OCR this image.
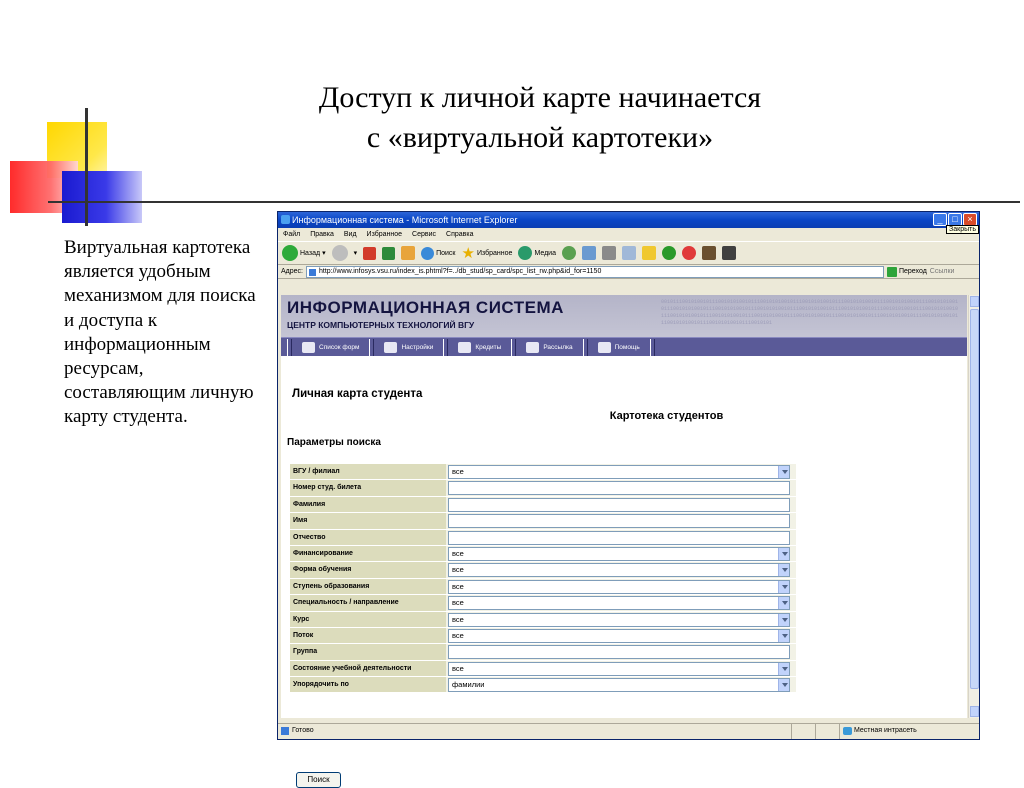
Доступ к личной карте начинается
с «виртуальной картотеки»
Виртуальная картотека является удобным механизмом для поиска и доступа к информационным ресурсам, составляющим личную карту студента.
Информационная система - Microsoft Internet Explorer	_	□	×
Закрыть
Файл Правка Вид Избранное Сервис Справка
Назад ▾	▾	Поиск ★ Избранное	Медиа
Адрес:	http://www.infosys.vsu.ru/index_is.phtml?f=../db_stud/sp_card/spc_list_rw.php&id_for=1150	Переход Ссылки
0010111001010010111001010100101110010101001011100101010010111001010100101110010101001011100101010010111001010100101110010101001011100101010010111001010100101110010101001011100101010010111001010100101110010101001011100101010010111001010100101110010101001011100101010010111001010100101110010101001011100101010010111001010100101110010101
ИНФОРМАЦИОННАЯ СИСТЕМА
ЦЕНТР КОМПЬЮТЕРНЫХ ТЕХНОЛОГИЙ ВГУ
Список форм	Настройки	Кредиты	Рассылка	Помощь
Личная карта студента
Картотека студентов
Параметры поиска
ВГУ / филиал	все
Номер студ. билета
Фамилия
Имя
Отчество
Финансирование	все
Форма обучения	все
Ступень образования	все
Специальность / направление	все
Курс	все
Поток	все
Группа
Состояние учебной деятельности	все
Упорядочить по	фамилии
Поиск
Готово	Местная интрасеть
